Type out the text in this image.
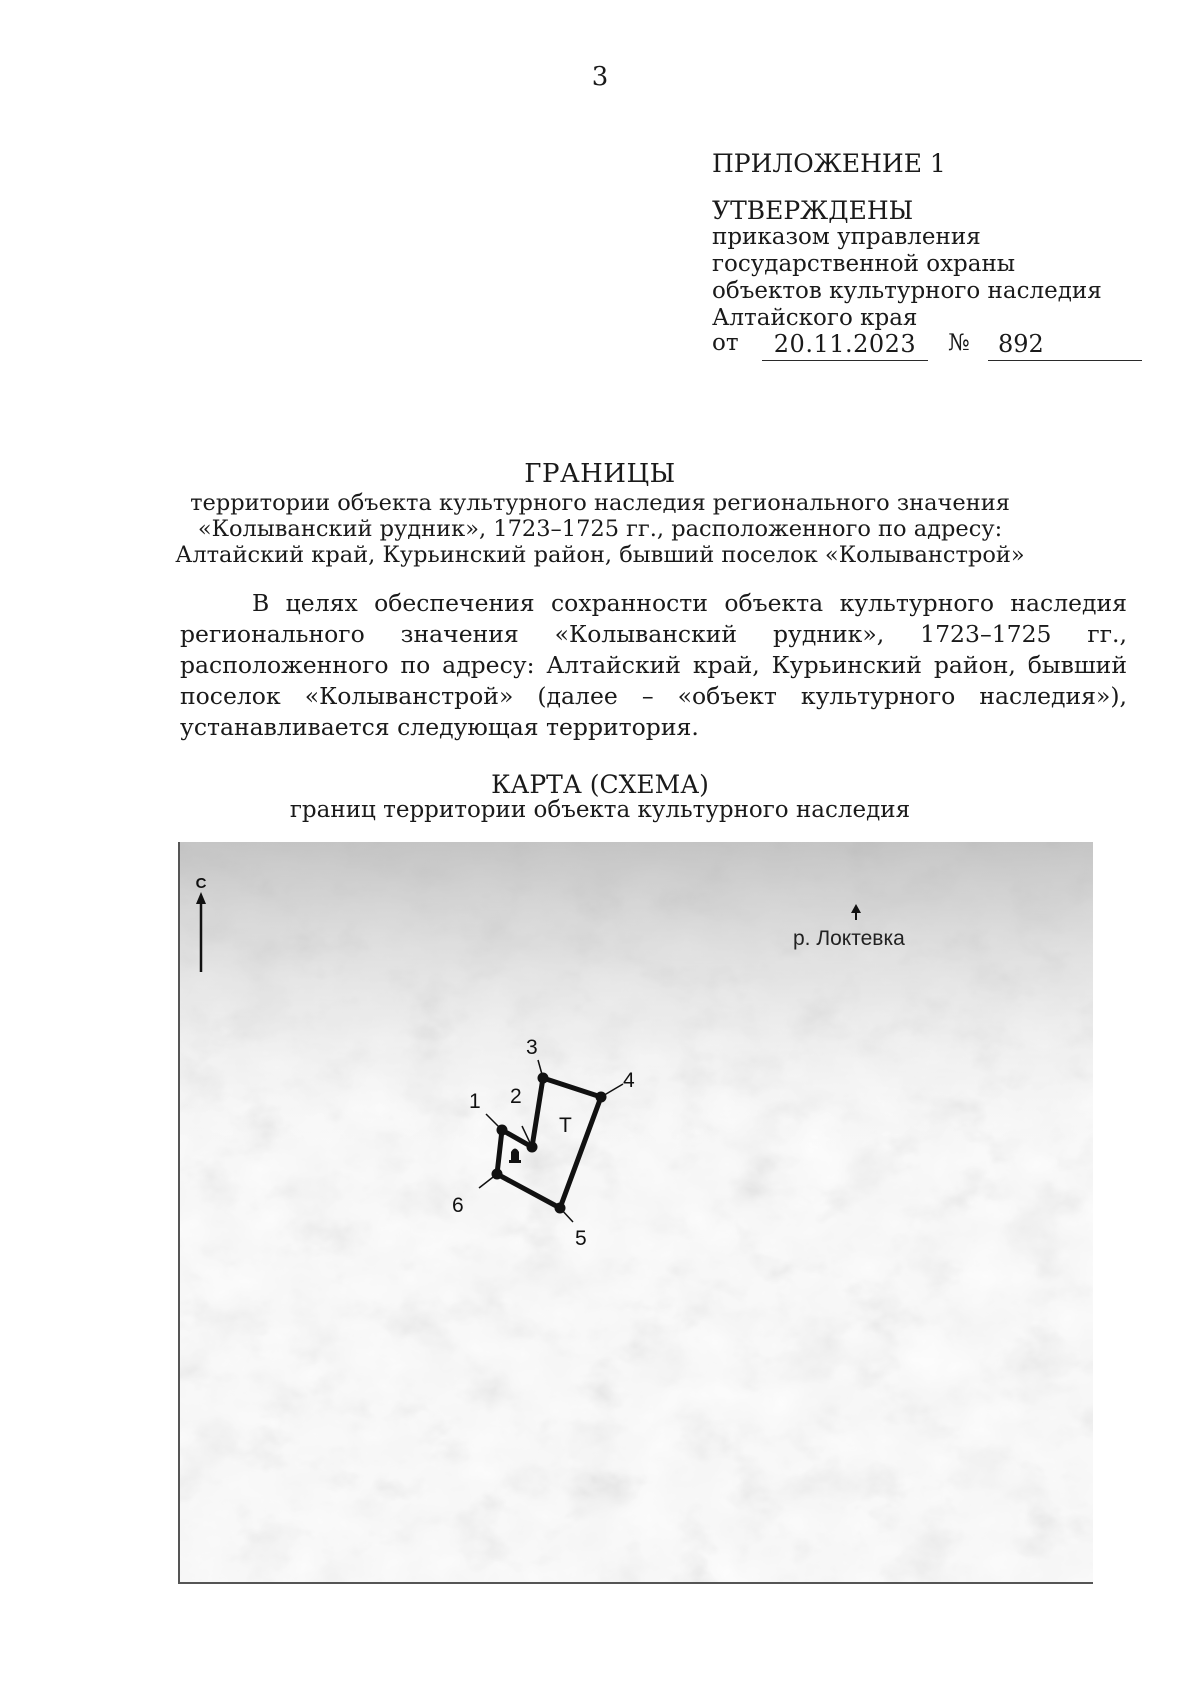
3
ПРИЛОЖЕНИЕ 1
УТВЕРЖДЕНЫ
приказом управления
государственной охраны
объектов культурного наследия
Алтайского края
от	20.11.2023	№	892
ГРАНИЦЫ
территории объекта культурного наследия регионального значения
«Колыванский рудник», 1723–1725 гг., расположенного по адресу:
Алтайский край, Курьинский район, бывший поселок «Колыванстрой»
В целях обеспечения сохранности объекта культурного наследия регионального значения «Колыванский рудник», 1723–1725 гг., расположенного по адресу: Алтайский край, Курьинский район, бывший поселок «Колыванстрой» (далее – «объект культурного наследия»), устанавливается следующая территория.
КАРТА (СХЕМА)
границ территории объекта культурного наследия
С
р. Локтевка
1 2
3
4
5
6
Т
